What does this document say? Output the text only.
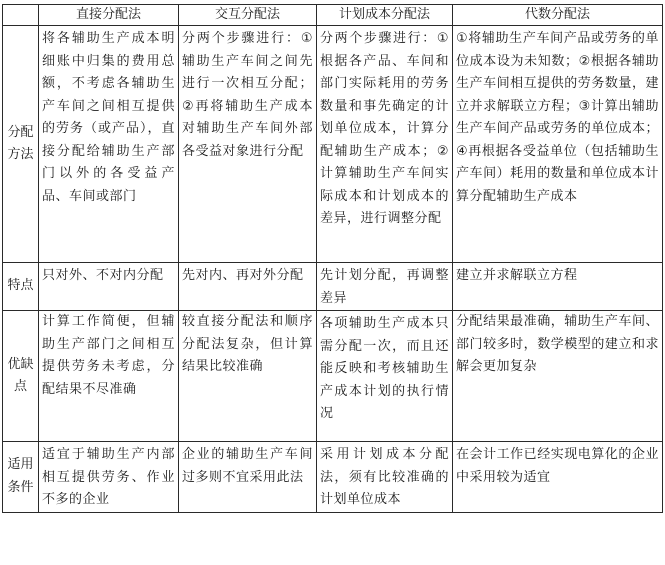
	直接分配法	交互分配法	计划成本分配法	代数分配法
分配方法	将各辅助生产成本明细账中归集的费用总额，不考虑各辅助生产车间之间相互提供的劳务（或产品），直接分配给辅助生产部门以外的各受益产品、车间或部门	分两个步骤进行：①辅助生产车间之间先进行一次相互分配；②再将辅助生产成本对辅助生产车间外部各受益对象进行分配	分两个步骤进行：①根据各产品、车间和部门实际耗用的劳务数量和事先确定的计划单位成本，计算分配辅助生产成本；②计算辅助生产车间实际成本和计划成本的差异，进行调整分配	①将辅助生产车间产品或劳务的单位成本设为未知数；②根据各辅助生产车间相互提供的劳务数量，建立并求解联立方程；③计算出辅助生产车间产品或劳务的单位成本；④再根据各受益单位（包括辅助生产车间）耗用的数量和单位成本计算分配辅助生产成本

特点	只对外、不对内分配	先对内、再对外分配	先计划分配，再调整差异	建立并求解联立方程

优缺点	计算工作简便，但辅助生产部门之间相互提供劳务未考虑，分配结果不尽准确	较直接分配法和顺序分配法复杂，但计算结果比较准确	各项辅助生产成本只需分配一次，而且还能反映和考核辅助生产成本计划的执行情况	分配结果最准确，辅助生产车间、部门较多时，数学模型的建立和求解会更加复杂

适用条件	适宜于辅助生产内部相互提供劳务、作业不多的企业	企业的辅助生产车间过多则不宜采用此法	采用计划成本分配法，须有比较准确的计划单位成本	在会计工作已经实现电算化的企业中采用较为适宜
